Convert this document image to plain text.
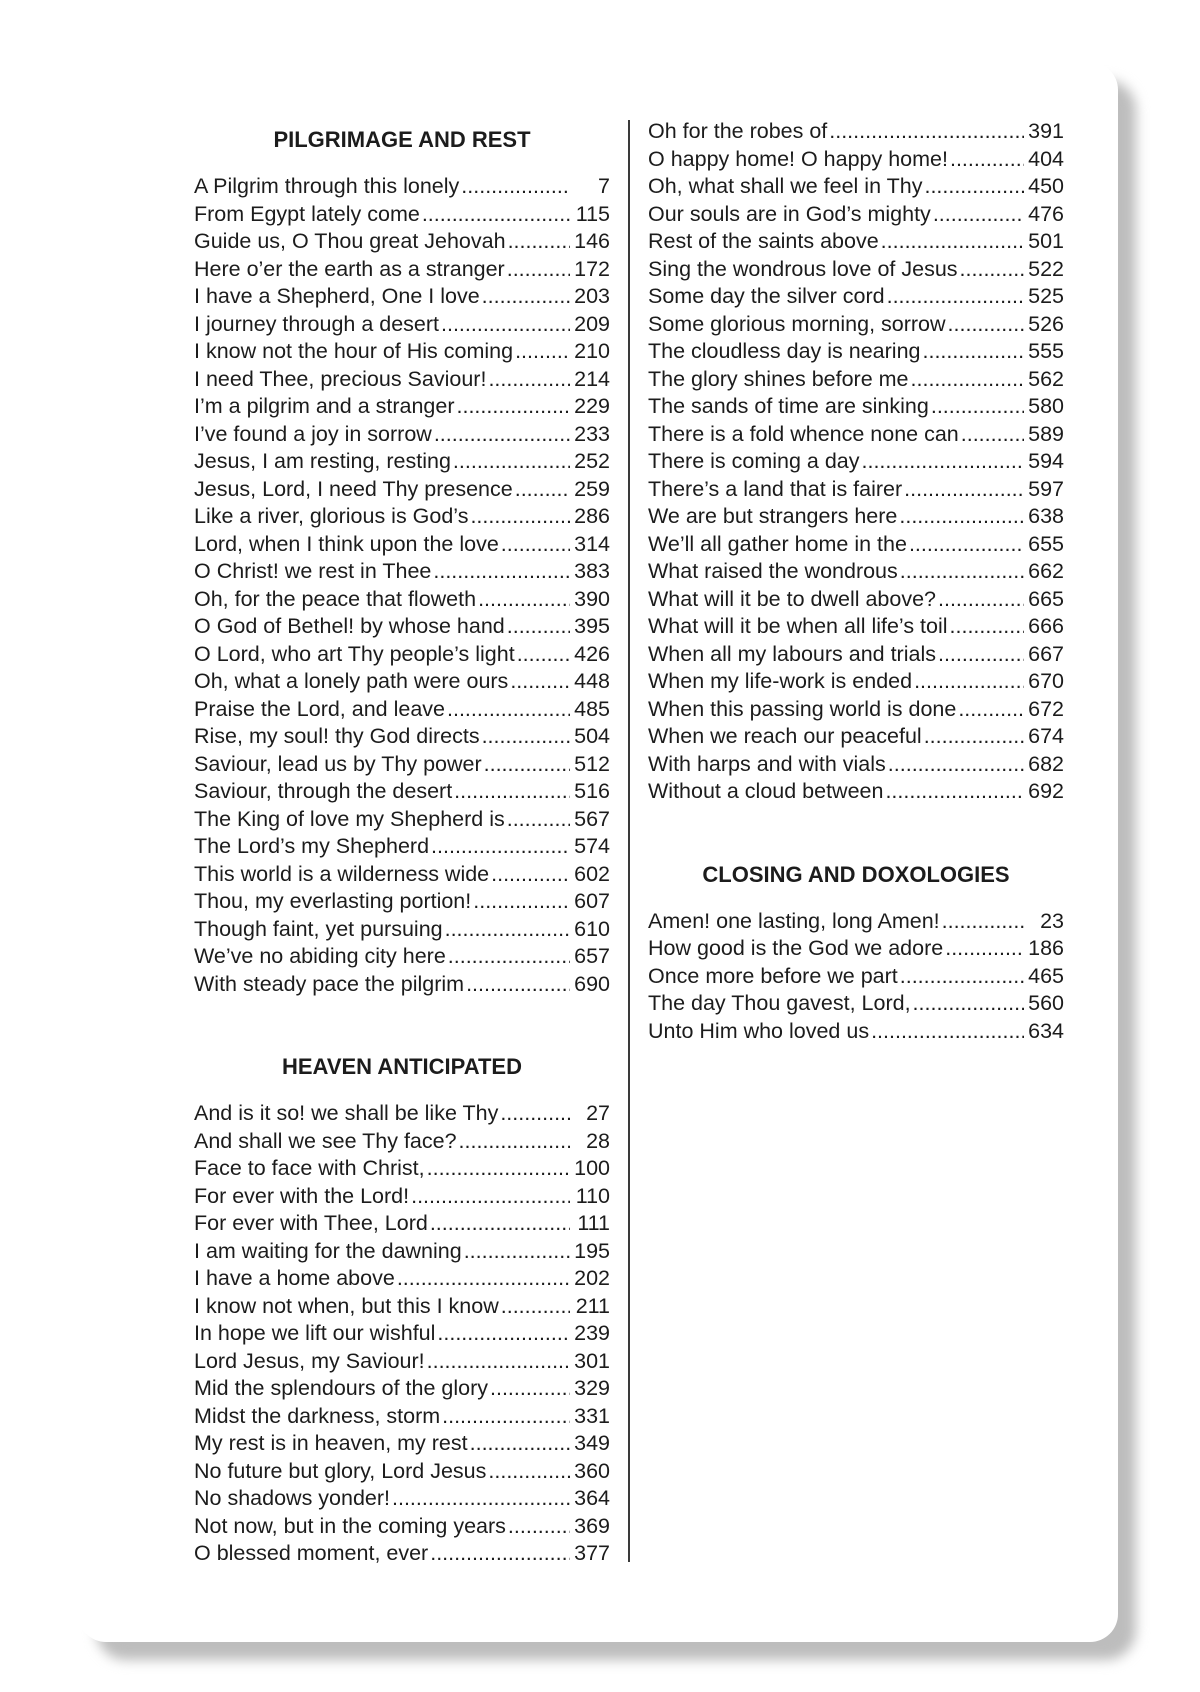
PILGRIMAGE AND REST
A Pilgrim through this lonely .....	7
From Egypt lately come .....	115
Guide us, O Thou great Jehovah .....	146
Here o’er the earth as a stranger .....	172
I have a Shepherd, One I love .....	203
I journey through a desert .....	209
I know not the hour of His coming .....	210
I need Thee, precious Saviour! .....	214
I’m a pilgrim and a stranger .....	229
I’ve found a joy in sorrow .....	233
Jesus, I am resting, resting .....	252
Jesus, Lord, I need Thy presence .....	259
Like a river, glorious is God’s .....	286
Lord, when I think upon the love .....	314
O Christ! we rest in Thee .....	383
Oh, for the peace that floweth .....	390
O God of Bethel! by whose hand .....	395
O Lord, who art Thy people’s light .....	426
Oh, what a lonely path were ours .....	448
Praise the Lord, and leave .....	485
Rise, my soul! thy God directs .....	504
Saviour, lead us by Thy power .....	512
Saviour, through the desert .....	516
The King of love my Shepherd is .....	567
The Lord’s my Shepherd .....	574
This world is a wilderness wide .....	602
Thou, my everlasting portion! .....	607
Though faint, yet pursuing .....	610
We’ve no abiding city here .....	657
With steady pace the pilgrim .....	690
HEAVEN ANTICIPATED
And is it so! we shall be like Thy .....	27
And shall we see Thy face? .....	28
Face to face with Christ, .....	100
For ever with the Lord! .....	110
For ever with Thee, Lord .....	111
I am waiting for the dawning .....	195
I have a home above .....	202
I know not when, but this I know .....	211
In hope we lift our wishful .....	239
Lord Jesus, my Saviour! .....	301
Mid the splendours of the glory .....	329
Midst the darkness, storm .....	331
My rest is in heaven, my rest .....	349
No future but glory, Lord Jesus .....	360
No shadows yonder! .....	364
Not now, but in the coming years .....	369
O blessed moment, ever .....	377
Oh for the robes of .....	391
O happy home! O happy home! .....	404
Oh, what shall we feel in Thy .....	450
Our souls are in God’s mighty .....	476
Rest of the saints above .....	501
Sing the wondrous love of Jesus .....	522
Some day the silver cord .....	525
Some glorious morning, sorrow .....	526
The cloudless day is nearing .....	555
The glory shines before me .....	562
The sands of time are sinking .....	580
There is a fold whence none can .....	589
There is coming a day .....	594
There’s a land that is fairer .....	597
We are but strangers here .....	638
We’ll all gather home in the .....	655
What raised the wondrous .....	662
What will it be to dwell above? .....	665
What will it be when all life’s toil .....	666
When all my labours and trials .....	667
When my life-work is ended .....	670
When this passing world is done .....	672
When we reach our peaceful .....	674
With harps and with vials .....	682
Without a cloud between .....	692
CLOSING AND DOXOLOGIES
Amen! one lasting, long Amen! .....	23
How good is the God we adore .....	186
Once more before we part .....	465
The day Thou gavest, Lord, .....	560
Unto Him who loved us .....	634
